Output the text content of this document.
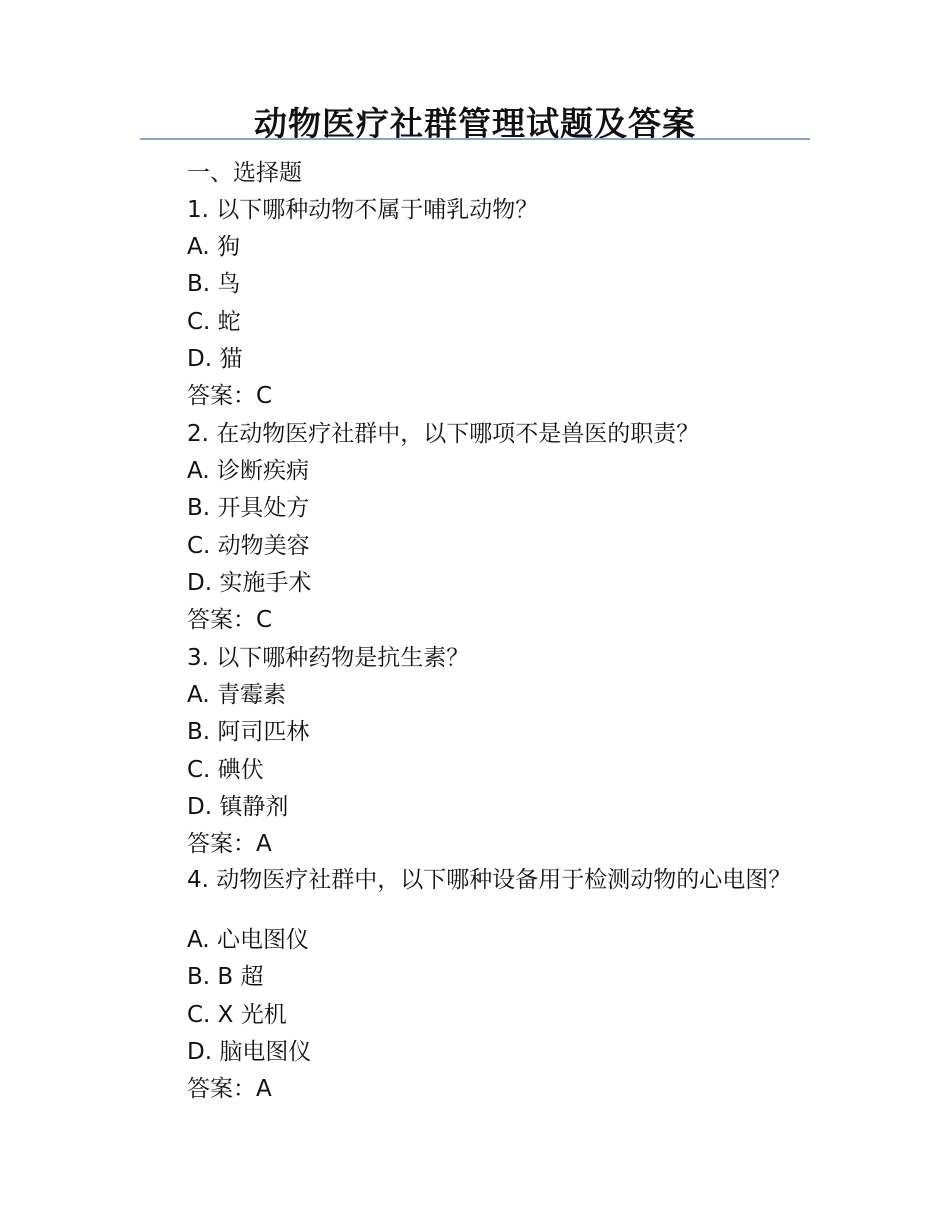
动物医疗社群管理试题及答案
一、选择题
1. 以下哪种动物不属于哺乳动物？
A. 狗
B. 鸟
C. 蛇
D. 猫
答案：C
2. 在动物医疗社群中，以下哪项不是兽医的职责？
A. 诊断疾病
B. 开具处方
C. 动物美容
D. 实施手术
答案：C
3. 以下哪种药物是抗生素？
A. 青霉素
B. 阿司匹林
C. 碘伏
D. 镇静剂
答案：A
4. 动物医疗社群中，以下哪种设备用于检测动物的心电图？
A. 心电图仪
B. B 超
C. X 光机
D. 脑电图仪
答案：A
